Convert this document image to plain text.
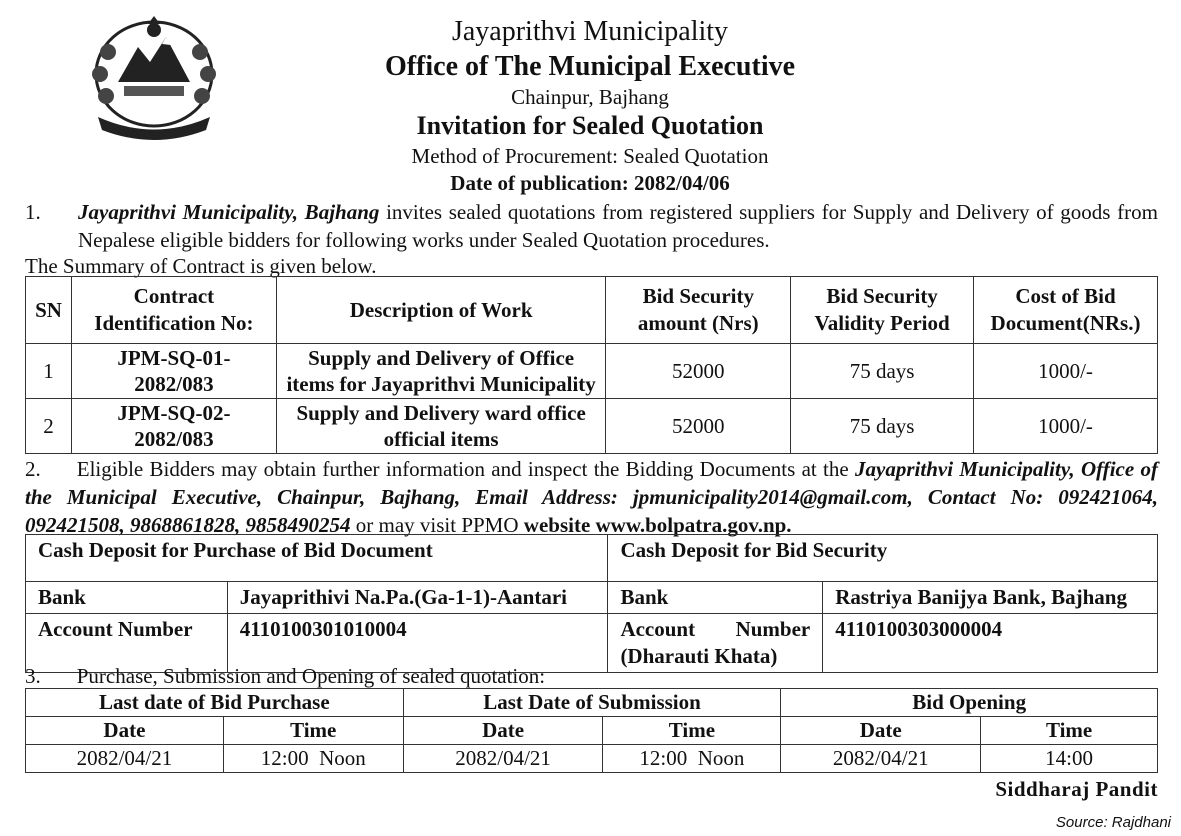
Jayaprithvi Municipality
Office of The Municipal Executive
Chainpur, Bajhang
Invitation for Sealed Quotation
Method of Procurement: Sealed Quotation
Date of publication: 2082/04/06
1. Jayaprithvi Municipality, Bajhang invites sealed quotations from registered suppliers for Supply and Delivery of goods from Nepalese eligible bidders for following works under Sealed Quotation procedures.
The Summary of Contract is given below.
SN	Contract Identification No:	Description of Work	Bid Security amount (Nrs)	Bid Security Validity Period	Cost of Bid Document(NRs.)
1	JPM-SQ-01-2082/083	Supply and Delivery of Office items for Jayaprithvi Municipality	52000	75 days	1000/-
2	JPM-SQ-02-2082/083	Supply and Delivery ward office official items	52000	75 days	1000/-
2. Eligible Bidders may obtain further information and inspect the Bidding Documents at the Jayaprithvi Municipality, Office of the Municipal Executive, Chainpur, Bajhang, Email Address: jpmunicipality2014@gmail.com, Contact No: 092421064, 092421508, 9868861828, 9858490254 or may visit PPMO website www.bolpatra.gov.np.
Cash Deposit for Purchase of Bid Document		Cash Deposit for Bid Security	
Bank	Jayaprithivi Na.Pa.(Ga-1-1)-Aantari	Bank	Rastriya Banijya Bank, Bajhang
Account Number	4110100301010004	Account Number (Dharauti Khata)	4110100303000004
3. Purchase, Submission and Opening of sealed quotation:
Last date of Bid Purchase		Last Date of Submission		Bid Opening	
Date	Time	Date	Time	Date	Time
2082/04/21	12:00  Noon	2082/04/21	12:00  Noon	2082/04/21	14:00
Siddharaj Pandit
Source: Rajdhani
